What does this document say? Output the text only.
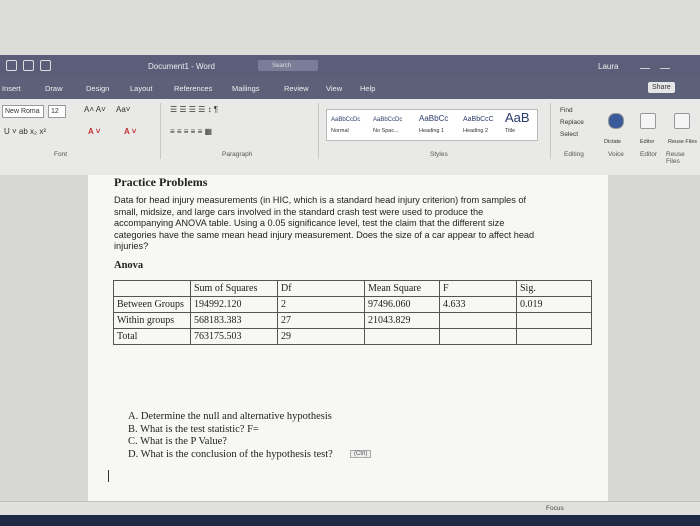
Document1 - Word	Search	Laura
Insert	Draw	Design	Layout	References	Mailings	Review View Help	Share
New Roma	12	A˄ A˅ Aa˅
U ˅ ab x₂ x²	A ˅	A ˅
Font
☰ ☰ ☰ ☰ ↕ ¶
≡ ≡ ≡ ≡ ≡ ▦
Paragraph
AaBbCcDc
Normal
AaBbCcDc
No Spac...
AaBbCc
Heading 1
AaBbCcC
Heading 2
AaB
Title
Styles
Find
Replace
Select
Editing
Dictate
Voice
Editor
Editor
Reuse Files
Reuse Files
Practice Problems
Data for head injury measurements (in HIC, which is a standard head injury criterion) from samples of small, midsize, and large cars involved in the standard crash test were used to produce the accompanying ANOVA table. Using a 0.05 significance level, test the claim that the different size categories have the same mean head injury measurement. Does the size of a car appear to affect head injuries?
Anova
	Sum of Squares	Df	Mean Square	F	Sig.
Between Groups	194992.120	2	97496.060	4.633	0.019
Within groups	568183.383	27	21043.829		
Total	763175.503	29			
A. Determine the null and alternative hypothesis
B. What is the test statistic? F=
C. What is the P Value?
D. What is the conclusion of the hypothesis test?	(Ctrl)
Focus
